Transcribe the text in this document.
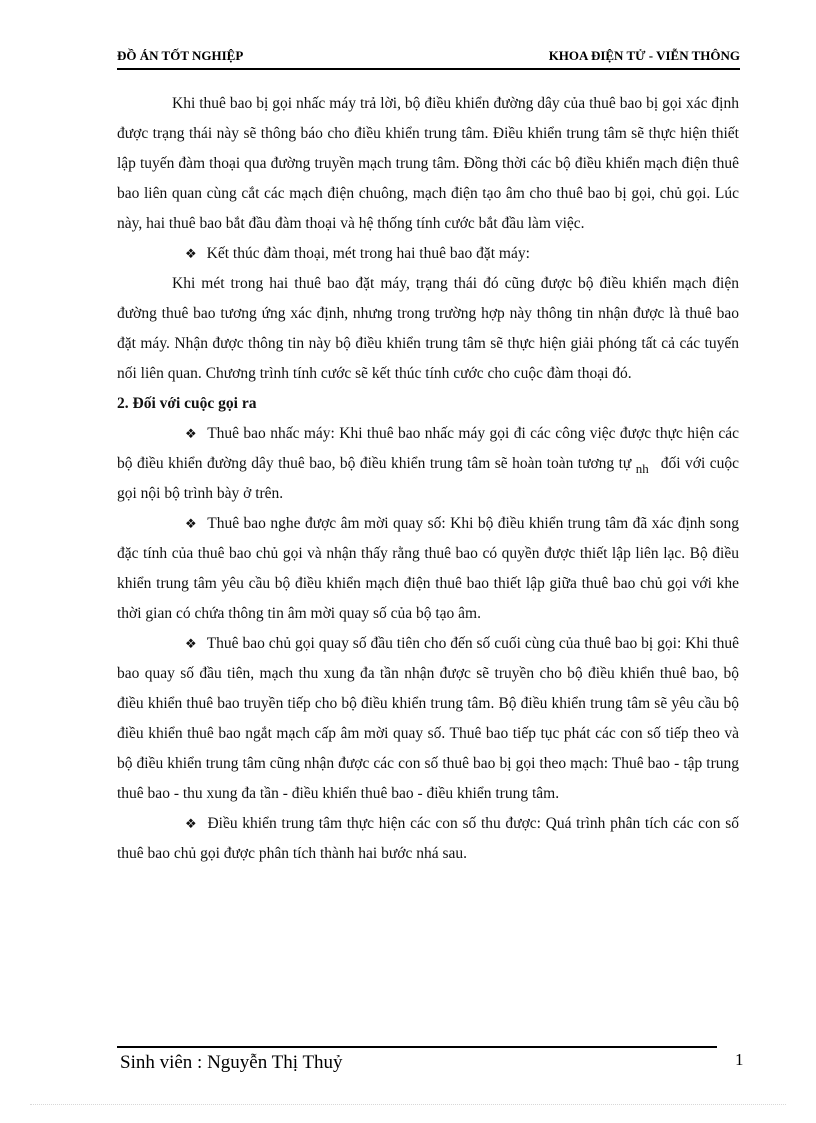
ĐỒ ÁN TỐT NGHIỆP	KHOA ĐIỆN TỬ - VIỄN THÔNG

Khi thuê bao bị gọi nhấc máy trả lời, bộ điều khiển đường dây của thuê bao bị gọi xác định được trạng thái này sẽ thông báo cho điều khiển trung tâm. Điều khiển trung tâm sẽ thực hiện thiết lập tuyến đàm thoại qua đường truyền mạch trung tâm. Đồng thời các bộ điều khiển mạch điện thuê bao liên quan cùng cắt các mạch điện chuông, mạch điện tạo âm cho thuê bao bị gọi, chủ gọi. Lúc này, hai thuê bao bắt đầu đàm thoại và hệ thống tính cước bắt đầu làm việc.

❖ Kết thúc đàm thoại, mét trong hai thuê bao đặt máy:

Khi mét trong hai thuê bao đặt máy, trạng thái đó cũng được bộ điều khiển mạch điện đường thuê bao tương ứng xác định, nhưng trong trường hợp này thông tin nhận được là thuê bao đặt máy. Nhận được thông tin này bộ điều khiển trung tâm sẽ thực hiện giải phóng tất cả các tuyến nối liên quan. Chương trình tính cước sẽ kết thúc tính cước cho cuộc đàm thoại đó.

2. Đối với cuộc gọi ra

❖ Thuê bao nhấc máy: Khi thuê bao nhấc máy gọi đi các công việc được thực hiện các bộ điều khiển đường dây thuê bao, bộ điều khiển trung tâm sẽ hoàn toàn tương tự $_{nh}$ đối với cuộc gọi nội bộ trình bày ở trên.

❖ Thuê bao nghe được âm mời quay số: Khi bộ điều khiển trung tâm đã xác định song đặc tính của thuê bao chủ gọi và nhận thấy rằng thuê bao có quyền được thiết lập liên lạc. Bộ điều khiển trung tâm yêu cầu bộ điều khiển mạch điện thuê bao thiết lập giữa thuê bao chủ gọi với khe thời gian có chứa thông tin âm mời quay số của bộ tạo âm.

❖ Thuê bao chủ gọi quay số đầu tiên cho đến số cuối cùng của thuê bao bị gọi: Khi thuê bao quay số đầu tiên, mạch thu xung đa tần nhận được sẽ truyền cho bộ điều khiển thuê bao, bộ điều khiển thuê bao truyền tiếp cho bộ điều khiển trung tâm. Bộ điều khiển trung tâm sẽ yêu cầu bộ điều khiển thuê bao ngắt mạch cấp âm mời quay số. Thuê bao tiếp tục phát các con số tiếp theo và bộ điều khiển trung tâm cũng nhận được các con số thuê bao bị gọi theo mạch: Thuê bao - tập trung thuê bao - thu xung đa tần - điều khiển thuê bao - điều khiển trung tâm.

❖ Điều khiển trung tâm thực hiện các con số thu được: Quá trình phân tích các con số thuê bao chủ gọi được phân tích thành hai bước nhá sau.

Sinh viên : Nguyễn Thị Thuỷ	1
